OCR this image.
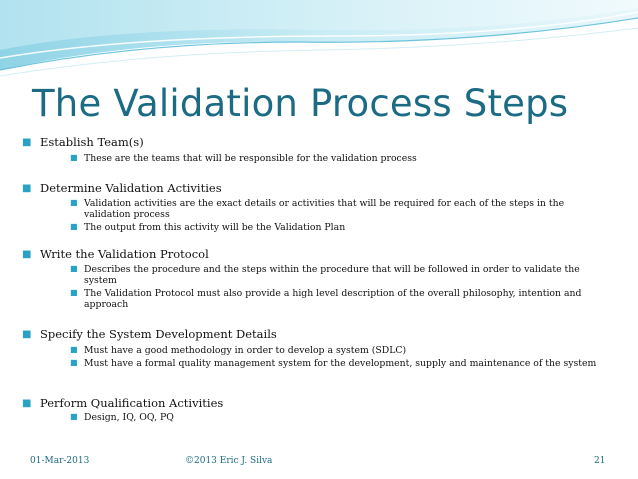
The Validation Process Steps
■ Establish Team(s)
■ These are the teams that will be responsible for the validation process
■ Determine Validation Activities
■ Validation activities are the exact details or activities that will be required for each of the steps in the validation process
■ The output from this activity will be the Validation Plan
■ Write the Validation Protocol
■ Describes the procedure and the steps within the procedure that will be followed in order to validate the system
■ The Validation Protocol must also provide a high level description of the overall philosophy, intention and approach
■ Specify the System Development Details
■ Must have a good methodology in order to develop a system (SDLC)
■ Must have a formal quality management system for the development, supply and maintenance of the system
■ Perform Qualification Activities
■ Design, IQ, OQ, PQ
01-Mar-2013	©2013 Eric J. Silva	21
